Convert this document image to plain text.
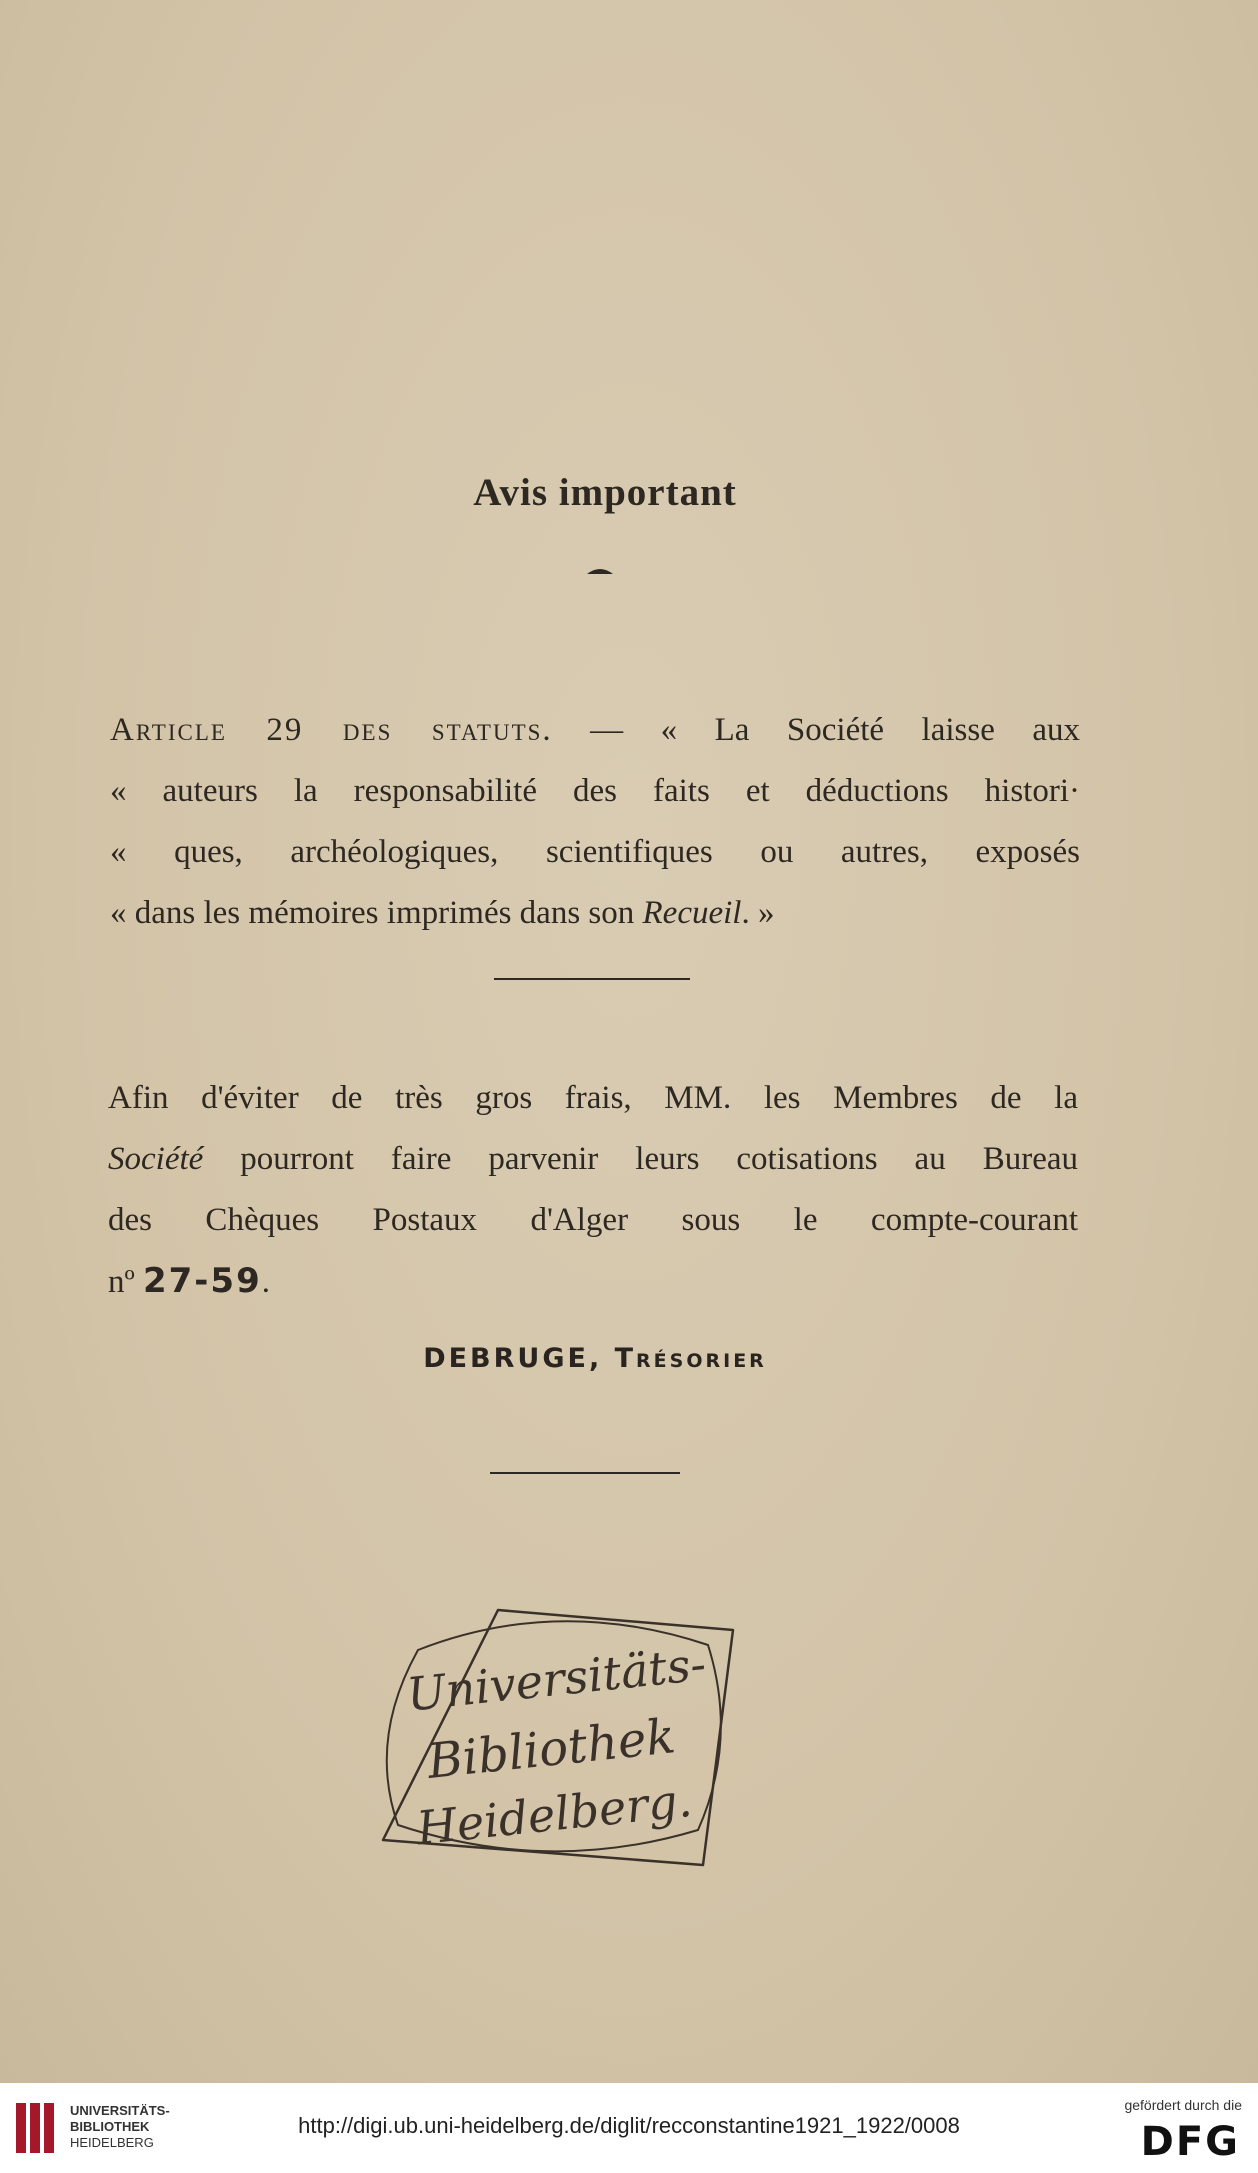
Avis important
Article 29 des statuts. — « La Société laisse aux
« auteurs la responsabilité des faits et déductions histori·
« ques, archéologiques, scientifiques ou autres, exposés
« dans les mémoires imprimés dans son Recueil. »
Afin d'éviter de très gros frais, MM. les Membres de la
Société pourront faire parvenir leurs cotisations au Bureau
des Chèques Postaux d'Alger sous le compte-courant
nº 27-59.
DEBRUGE, Trésorier
Universitäts-
Bibliothek
Heidelberg.
UNIVERSITÄTS-
BIBLIOTHEK
HEIDELBERG
http://digi.ub.uni-heidelberg.de/diglit/recconstantine1921_1922/0008
gefördert durch die
DFG
